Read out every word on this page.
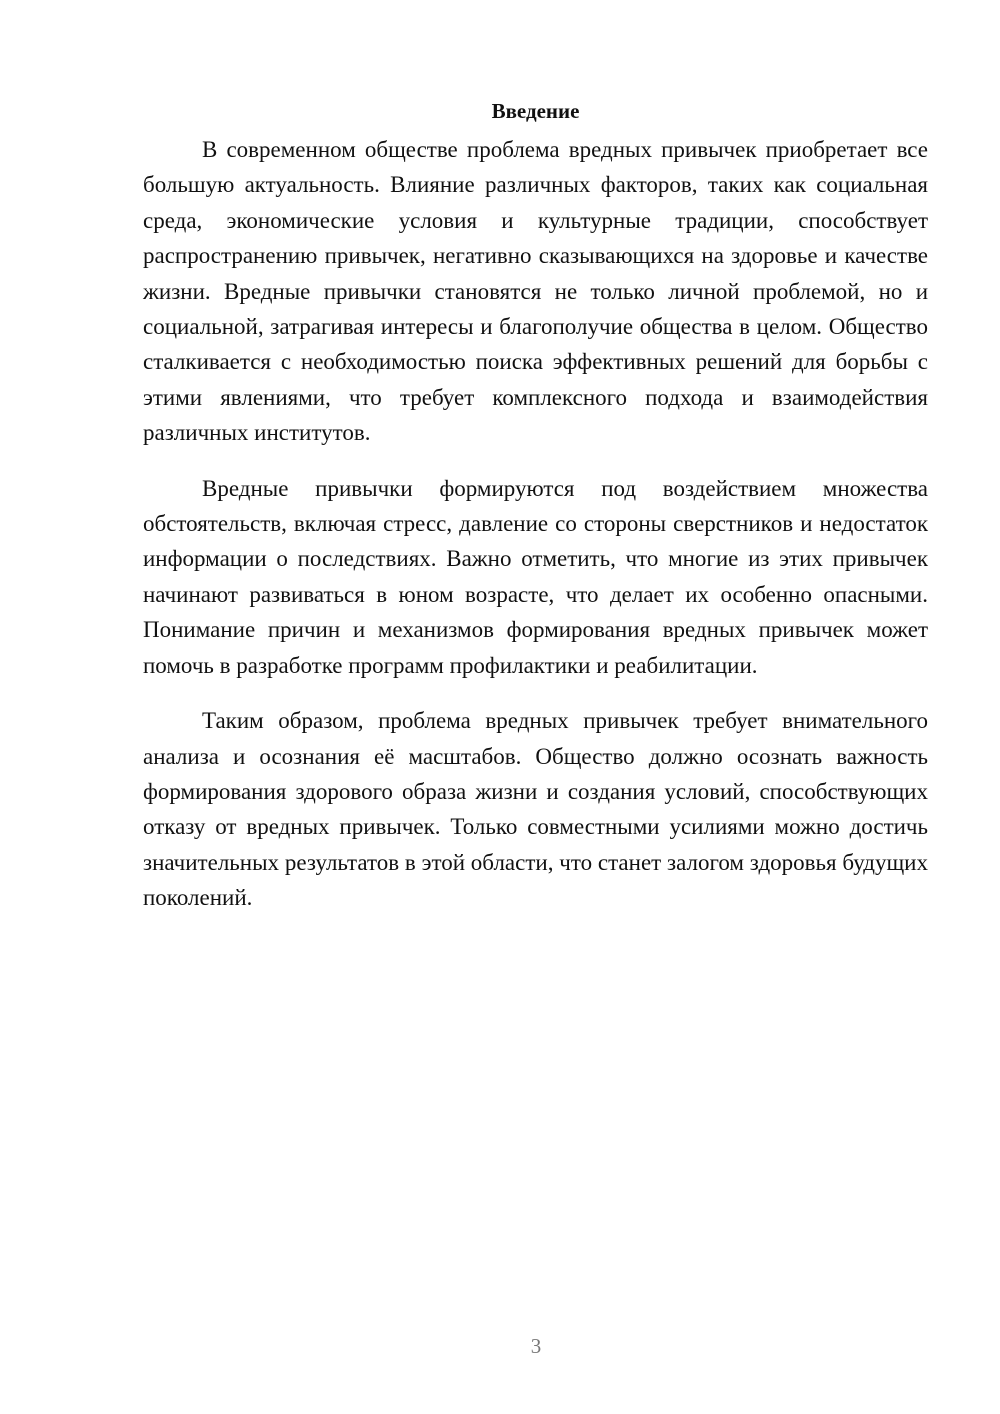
Введение

В современном обществе проблема вредных привычек приобретает все большую актуальность. Влияние различных факторов, таких как социальная среда, экономические условия и культурные традиции, способствует распространению привычек, негативно сказывающихся на здоровье и качестве жизни. Вредные привычки становятся не только личной проблемой, но и социальной, затрагивая интересы и благополучие общества в целом. Общество сталкивается с необходимостью поиска эффективных решений для борьбы с этими явлениями, что требует комплексного подхода и взаимодействия различных институтов.

Вредные привычки формируются под воздействием множества обстоятельств, включая стресс, давление со стороны сверстников и недостаток информации о последствиях. Важно отметить, что многие из этих привычек начинают развиваться в юном возрасте, что делает их особенно опасными. Понимание причин и механизмов формирования вредных привычек может помочь в разработке программ профилактики и реабилитации.

Таким образом, проблема вредных привычек требует внимательного анализа и осознания её масштабов. Общество должно осознать важность формирования здорового образа жизни и создания условий, способствующих отказу от вредных привычек. Только совместными усилиями можно достичь значительных результатов в этой области, что станет залогом здоровья будущих поколений.

3
